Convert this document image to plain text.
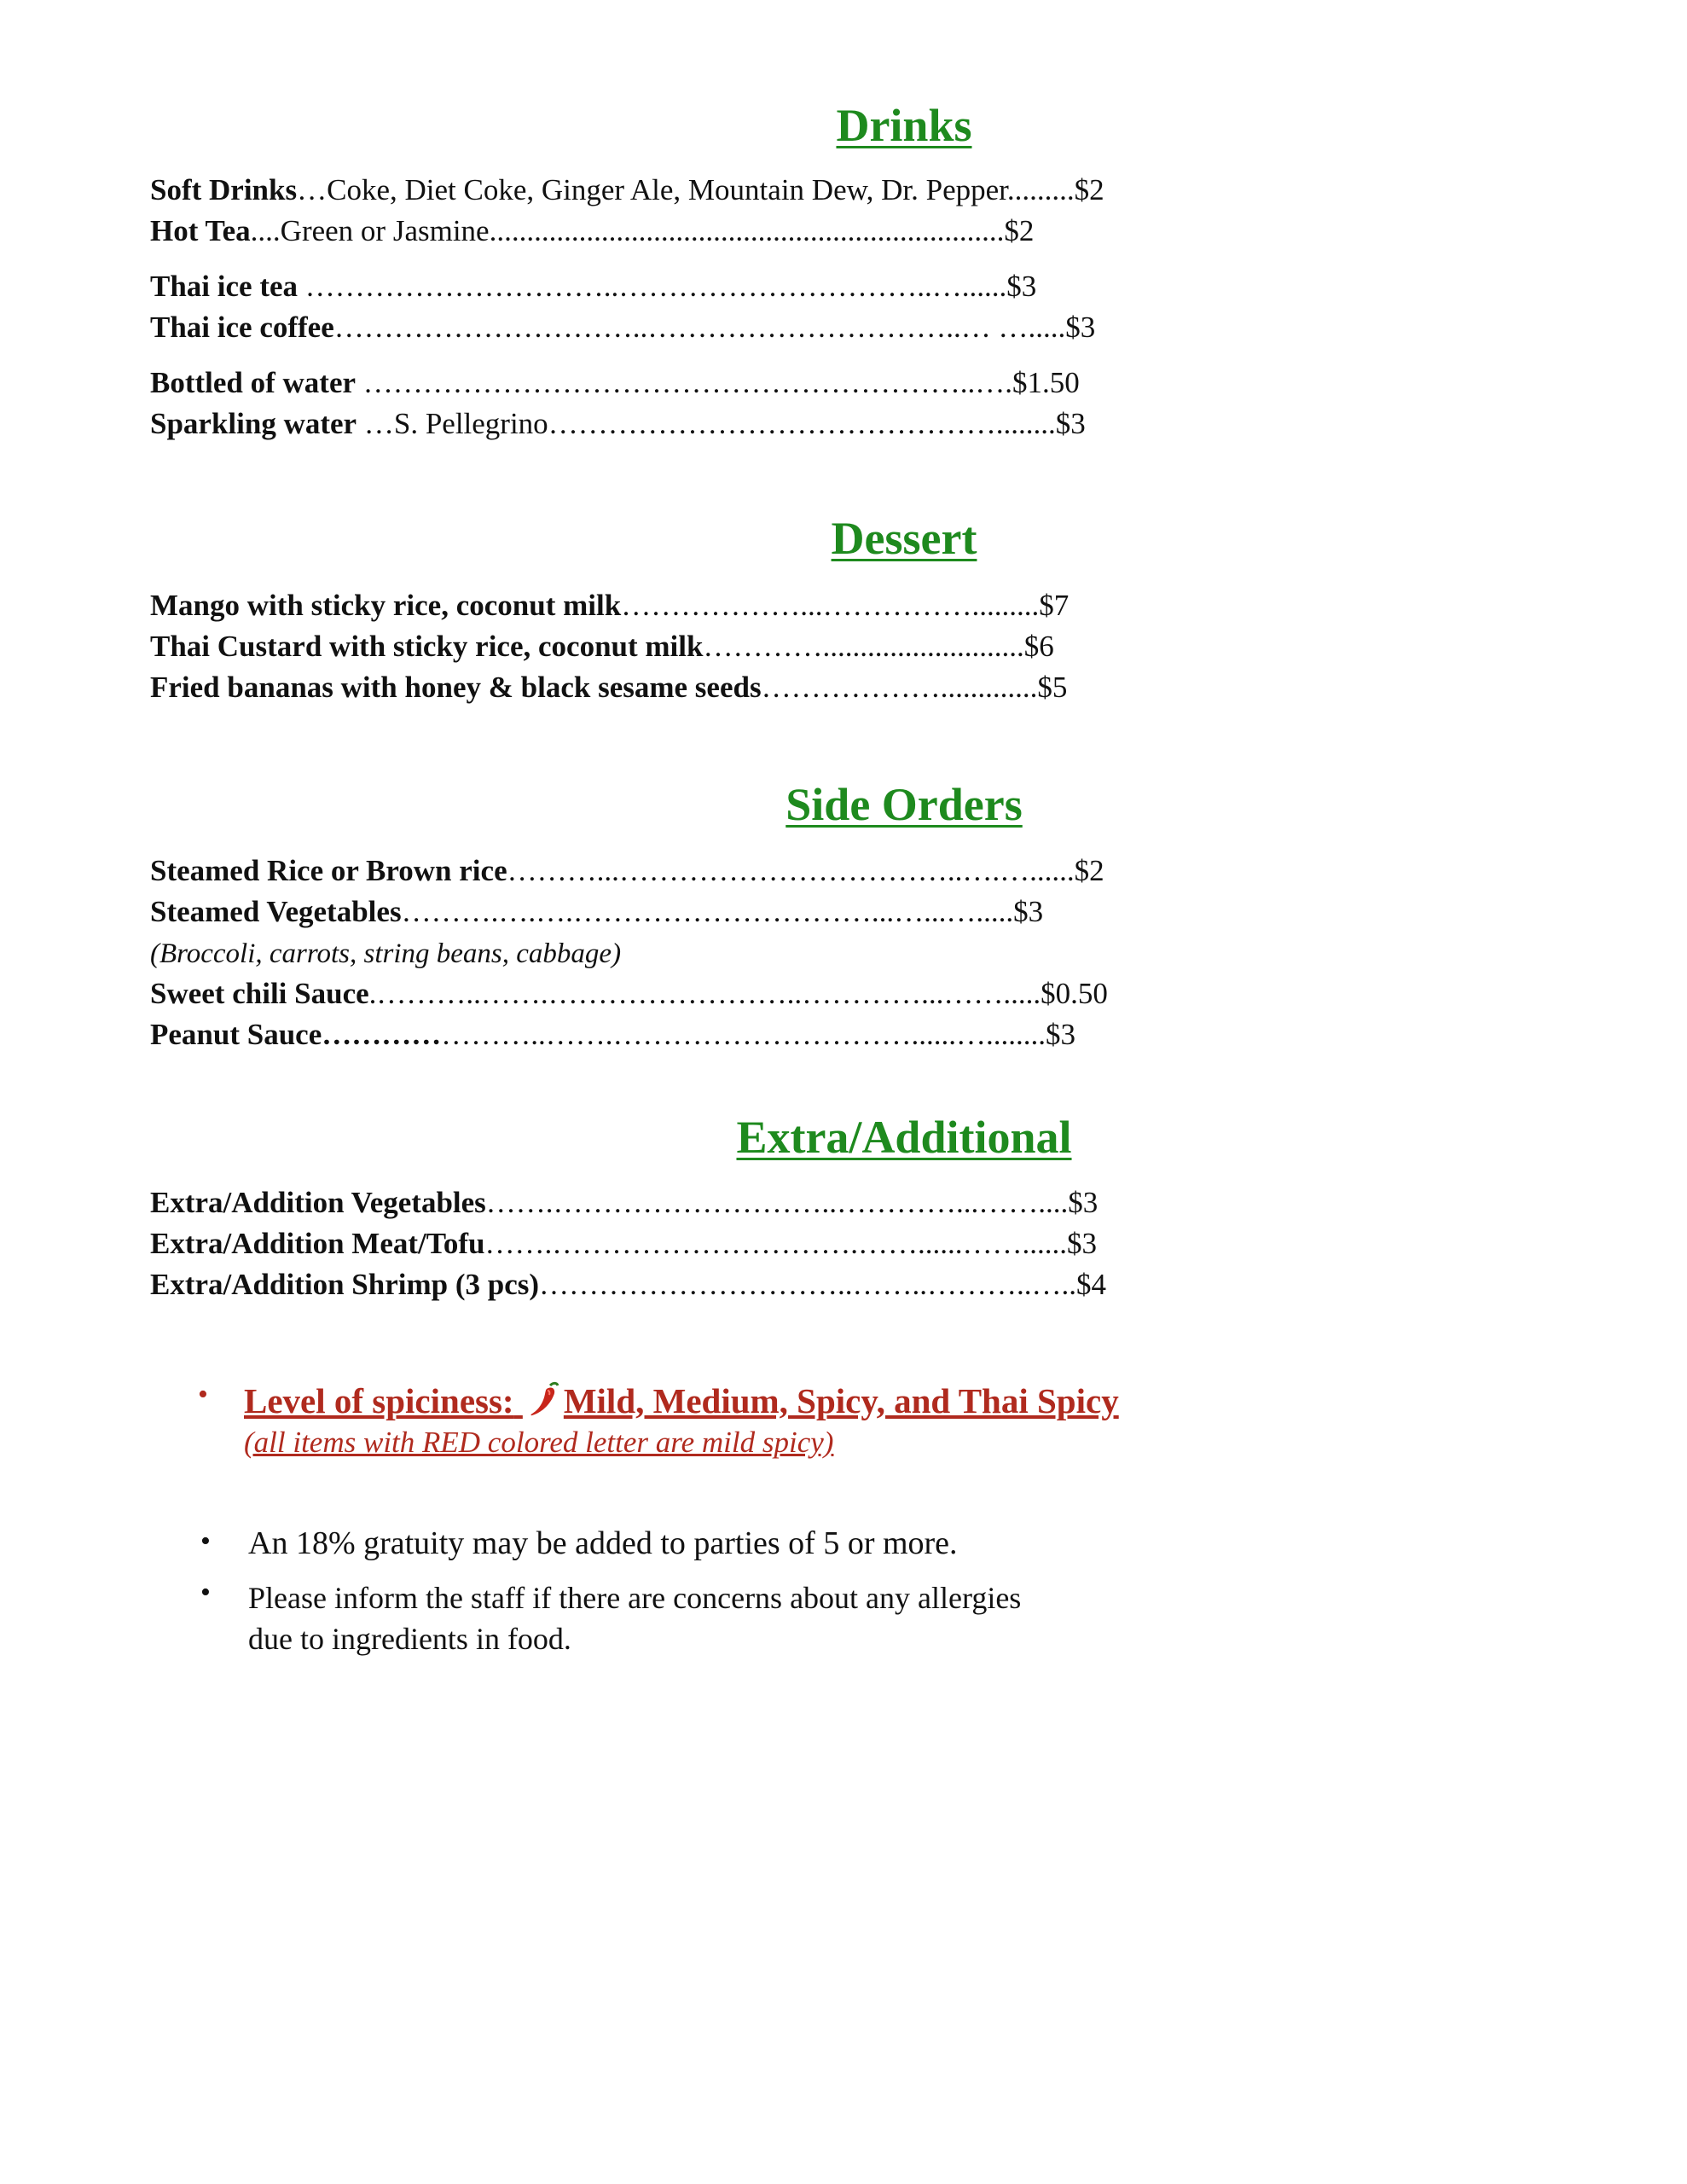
Drinks
Soft Drinks…Coke, Diet Coke, Ginger Ale, Mountain Dew, Dr. Pepper.........$2
Hot Tea....Green or Jasmine.....................................................................$2
Thai ice tea …………………………..…………………………..…......$3
Thai ice coffee…………………………..…………………………..… ….....$3
Bottled of water ……………………………………………………..….$1.50
Sparkling water …S. Pellegrino………………………………………........$3
Dessert
Mango with sticky rice, coconut milk………………...…………….........$7
Thai Custard with sticky rice, coconut milk…………...........................$6
Fried bananas with honey & black sesame seeds……………….............$5
Side Orders
Steamed Rice or Brown rice………...……………………………..….…......$2
Steamed Vegetables……….….….…………………………...…...….....$3
(Broccoli, carrots, string beans, cabbage)
Sweet chili Sauce.………..…….……………………..…………...…….....$0.50
Peanut Sauce…………………..…….…………………………......…........$3
Extra/Additional
Extra/Addition Vegetables…….………………………..…………...……....$3
Extra/Addition Meat/Tofu…….………………………….……......……......$3
Extra/Addition Shrimp (3 pcs)…………………………..……..………..…..$4
• Level of spiciness: Mild, Medium, Spicy, and Thai Spicy
(all items with RED colored letter are mild spicy)
• An 18% gratuity may be added to parties of 5 or more.
• Please inform the staff if there are concerns about any allergies
due to ingredients in food.
